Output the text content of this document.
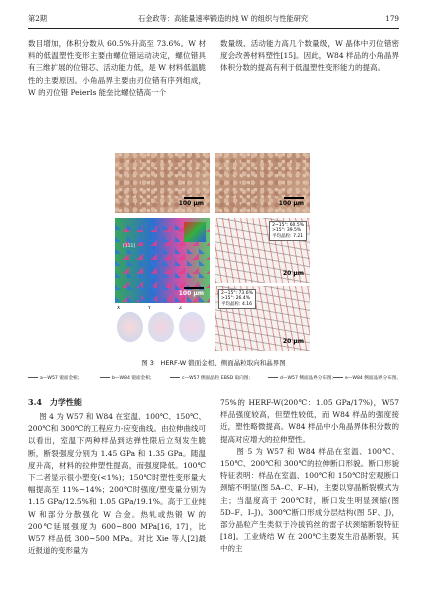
第2期	石金政等：高能量速率锻造的纯 W 的组织与性能研究	179

数目增加，体积分数从 60.5%升高至 73.6%。W 材料的低温塑性变形主要由螺位错运动决定，螺位错具有三维扩展的位错芯、活动能力低，是 W 材料低温脆性的主要原因。小角晶界主要由刃位错有序列组成，W 的刃位错 Peierls 能垒比螺位错高一个

数量级、活动能力高几个数量级，W 晶体中刃位错密度会改善材料塑性[15]。因此，W84 样品的小角晶界体积分数的提高有利于低温塑性变形能力的提高。

100 μm	100 μm
[111]
100 μm
X	Y	Z
2~15°: 60.5%
>15°: 39.5%
平均晶粒: 7.21
20 μm
2~15°: 73.6%
>15°: 26.4%
平均晶粒: 4.16
20 μm
图 3　HERF-W 锻面金相、侧面晶粒取向和晶界图
a—W57 锻面金相；	b—W84 锻面金相；	c—W57 侧面晶粒 EBSD 取向图；	d—W57 侧面晶界分布图；	e—W84 侧面晶界分布图。
3.4　力学性能

图 4 为 W57 和 W84 在室温、100℃、150℃、200℃和 300℃的工程应力-应变曲线。由拉伸曲线可以看出，室温下两种样品到达弹性限后立刻发生脆断，断裂强度分别为 1.45 GPa 和 1.35 GPa。随温度升高，材料的拉伸塑性提高，而强度降低。100℃下二者显示很小塑变(<1%)；150℃时塑性变形量大幅提高至 11%~14%；200℃时强度/塑变量分别为 1.15 GPa/12.5%和 1.05 GPa/19.1%。高于工业纯 W 和部分分散强化 W 合金。热轧或热锻 W 的 200℃延展强度为 600~800 MPa[16, 17]，比 W57 样品低 300~500 MPa。对比 Xie 等人[2]最近报道的变形量为

75%的 HERF-W(200℃：1.05 GPa/17%)，W57 样品强度较高，但塑性较低，而 W84 样品的强度接近，塑性略微提高。W84 样品中小角晶界体积分数的提高对应增大的拉伸塑性。
　　图 5 为 W57 和 W84 样品在室温、100℃、150℃、200℃和 300℃的拉伸断口形貌。断口形貌特征表明：样品在室温、100℃和 150℃时宏观断口颈缩不明显(图 5A–C、F–H)，主要以穿晶断裂模式为主；当温度高于 200℃时，断口发生明显颈缩(图 5D–F、I–J)。300℃断口形成分层结构(图 5F、J)，部分晶粒产生类似于冷拔钨丝的雷子状颈缩断裂特征[18]。工业烧结 W 在 200℃主要发生沿晶断裂，其中的主
